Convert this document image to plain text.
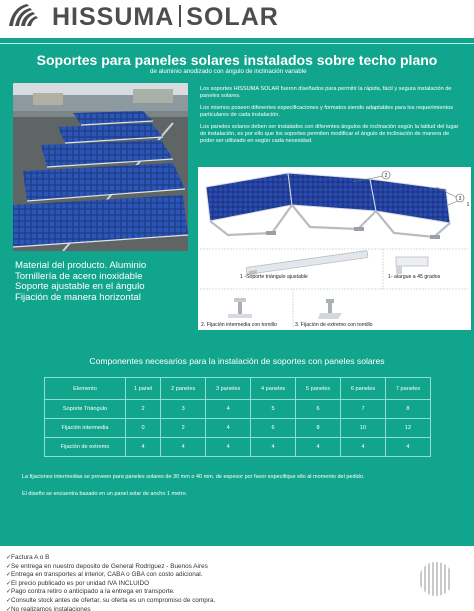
HISSUMA SOLAR
Soportes para paneles solares instalados sobre techo plano
de aluminio anodizado con ángulo de inclinación variable

Los soportes HISSUMA SOLAR fueron diseñados para permitir la rápida, fácil y segura instalación de paneles solares.

Los mismos poseen diferentes especificaciones y formatos siendo adaptables para los requerimientos particulares de cada instalación.

Los paneles solares deben ser instalados con diferentes ángulos de inclinación según la latitud del lugar de instalación, es por ello que los soportes permiten modificar el ángulo de inclinación de manera de poder ser utilizado en según cada necesidad.

2
3
1
1 -Soporte triángulo ajustable	1- alargue a 45 grados
2. Fijación intermedia con tornillo	3. Fijación de extremo con tornillo
Material del producto. Aluminio
Tornillería de acero inoxidable
Soporte ajustable en el ángulo
Fijación de manera horizontal
Componentes necesarios para la instalación de soportes con paneles solares
Elemento	1 panel	2 paneles	3 paneles	4 paneles	5 paneles	6 paneles	7 paneles
Soporte Triángulo	2	3	4	5	6	7	8
Fijación intermedia	0	2	4	6	8	10	12
Fijación de extremo	4	4	4	4	4	4	4
La fijaciones intermedias se proveen para paneles solares de 30 mm o 40 mm. de espesor por favor especifique ello al momento del pedido.
El diseño se encuentra basado en un panel solar de ancho 1 metro.
✓Factura A o B
✓Se entrega en nuestro deposito de General Rodriguez - Buenos Aires
✓Entrega en transportes al interior, CABA o GBA con costo adicional.
✓El precio publicado es por unidad IVA INCLUIDO
✓Pago contra retiro o anticipado a la entrega en transporte.
✓Consulte stock antes de ofertar, su oferta es un compromiso de compra.
✓No realizamos instalaciones
